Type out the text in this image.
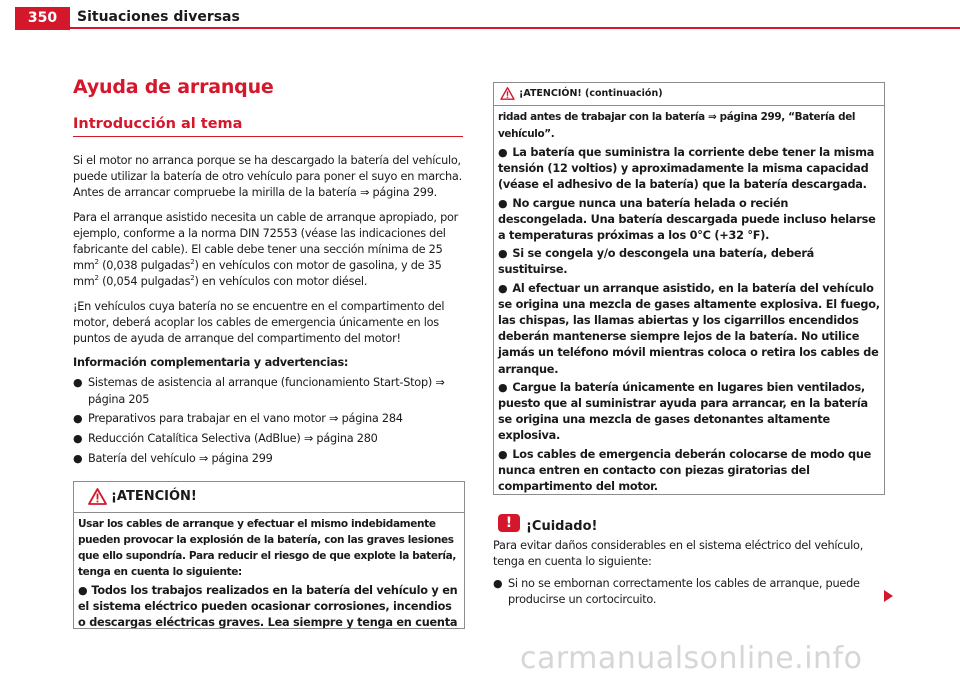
350	Situaciones diversas
Ayuda de arranque
Introducción al tema

Si el motor no arranca porque se ha descargado la batería del vehículo, puede utilizar la batería de otro vehículo para poner el suyo en marcha. Antes de arrancar compruebe la mirilla de la batería ⇒ página 299.

Para el arranque asistido necesita un cable de arranque apropiado, por ejemplo, conforme a la norma DIN 72553 (véase las indicaciones del fabricante del cable). El cable debe tener una sección mínima de 25 $mm^2$ (0,038 pulgadas$^2$) en vehículos con motor de gasolina, y de 35 $mm^2$ (0,054 pulgadas$^2$) en vehículos con motor diésel.

¡En vehículos cuya batería no se encuentre en el compartimento del motor, deberá acoplar los cables de emergencia únicamente en los puntos de ayuda de arranque del compartimento del motor!

Información complementaria y advertencias:

● Sistemas de asistencia al arranque (funcionamiento Start-Stop) ⇒ página 205
● Preparativos para trabajar en el vano motor ⇒ página 284
● Reducción Catalítica Selectiva (AdBlue) ⇒ página 280
● Batería del vehículo ⇒ página 299
¡ATENCIÓN!

Usar los cables de arranque y efectuar el mismo indebidamente pueden provocar la explosión de la batería, con las graves lesiones que ello supondría. Para reducir el riesgo de que explote la batería, tenga en cuenta lo siguiente:

● Todos los trabajos realizados en la batería del vehículo y en el sistema eléctrico pueden ocasionar corrosiones, incendios o descargas eléctricas graves. Lea siempre y tenga en cuenta
¡ATENCIÓN! (continuación)

ridad antes de trabajar con la batería ⇒ página 299, “Batería del vehículo”.

● La batería que suministra la corriente debe tener la misma tensión (12 voltios) y aproximadamente la misma capacidad (véase el adhesivo de la batería) que la batería descargada.
● No cargue nunca una batería helada o recién descongelada. Una batería descargada puede incluso helarse a temperaturas próximas a los 0°C (+32 °F).
● Si se congela y/o descongela una batería, deberá sustituirse.
● Al efectuar un arranque asistido, en la batería del vehículo se origina una mezcla de gases altamente explosiva. El fuego, las chispas, las llamas abiertas y los cigarrillos encendidos deberán mantenerse siempre lejos de la batería. No utilice jamás un teléfono móvil mientras coloca o retira los cables de arranque.
● Cargue la batería únicamente en lugares bien ventilados, puesto que al suministrar ayuda para arrancar, en la batería se origina una mezcla de gases detonantes altamente explosiva.
● Los cables de emergencia deberán colocarse de modo que nunca entren en contacto con piezas giratorias del compartimento del motor.
!	¡Cuidado!

Para evitar daños considerables en el sistema eléctrico del vehículo, tenga en cuenta lo siguiente:

● Si no se embornan correctamente los cables de arranque, puede producirse un cortocircuito.
carmanualsonline.info
